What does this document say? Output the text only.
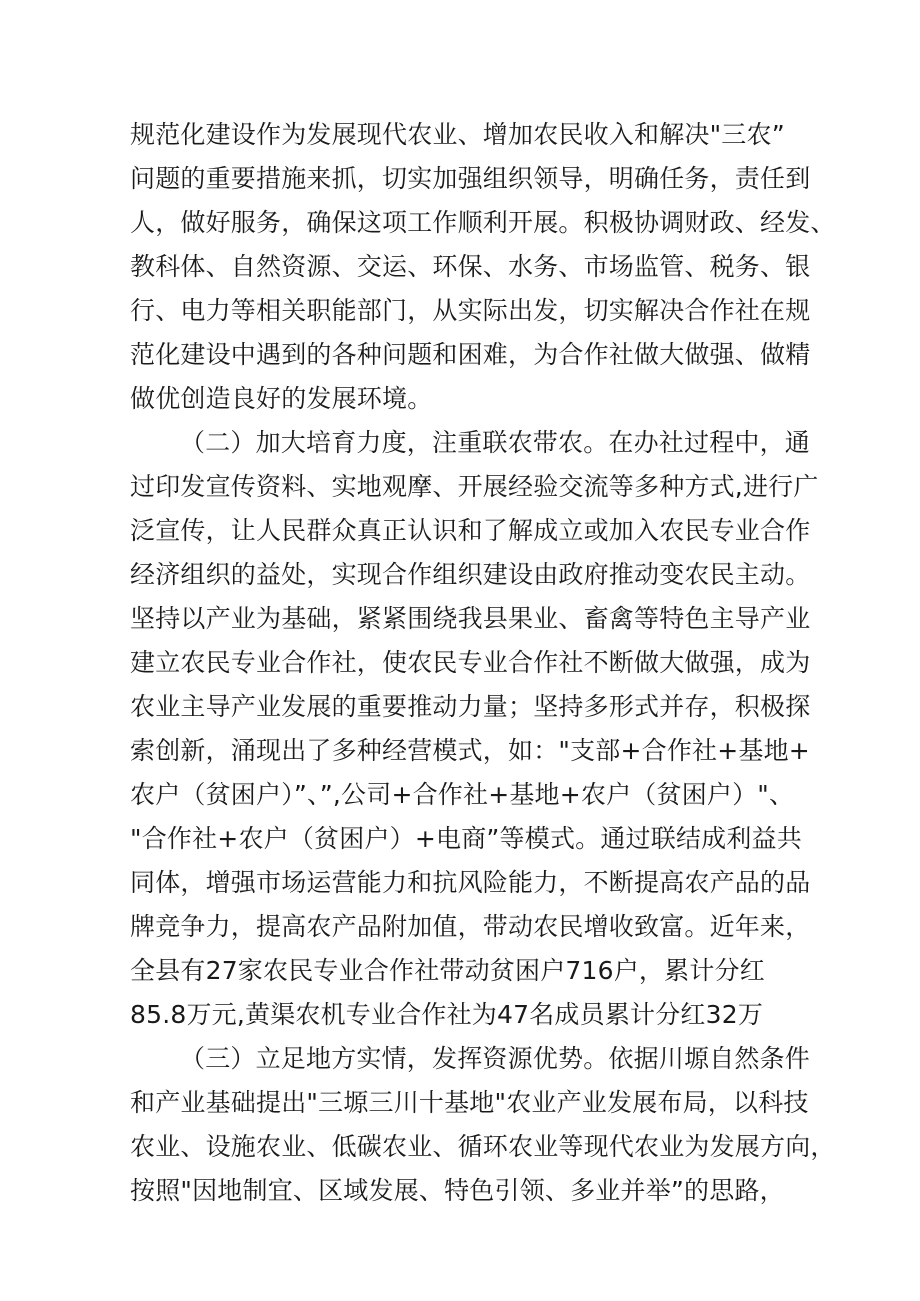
规范化建设作为发展现代农业、增加农民收入和解决"三农”
问题的重要措施来抓，切实加强组织领导，明确任务，责任到
人，做好服务，确保这项工作顺利开展。积极协调财政、经发、
教科体、自然资源、交运、环保、水务、市场监管、税务、银
行、电力等相关职能部门，从实际出发，切实解决合作社在规
范化建设中遇到的各种问题和困难，为合作社做大做强、做精
做优创造良好的发展环境。
（二）加大培育力度，注重联农带农。在办社过程中，通
过印发宣传资料、实地观摩、开展经验交流等多种方式,进行广
泛宣传，让人民群众真正认识和了解成立或加入农民专业合作
经济组织的益处，实现合作组织建设由政府推动变农民主动。
坚持以产业为基础，紧紧围绕我县果业、畜禽等特色主导产业
建立农民专业合作社，使农民专业合作社不断做大做强，成为
农业主导产业发展的重要推动力量；坚持多形式并存，积极探
索创新，涌现出了多种经营模式，如："支部+合作社+基地+
农户（贫困户）”、”,公司+合作社+基地+农户（贫困户）"、
"合作社+农户（贫困户）+电商”等模式。通过联结成利益共
同体，增强市场运营能力和抗风险能力，不断提高农产品的品
牌竞争力，提高农产品附加值，带动农民增收致富。近年来，
全县有27家农民专业合作社带动贫困户716户，累计分红
85.8万元,黄渠农机专业合作社为47名成员累计分红32万
（三）立足地方实情，发挥资源优势。依据川塬自然条件
和产业基础提出"三塬三川十基地"农业产业发展布局，以科技
农业、设施农业、低碳农业、循环农业等现代农业为发展方向，
按照"因地制宜、区域发展、特色引领、多业并举”的思路，
